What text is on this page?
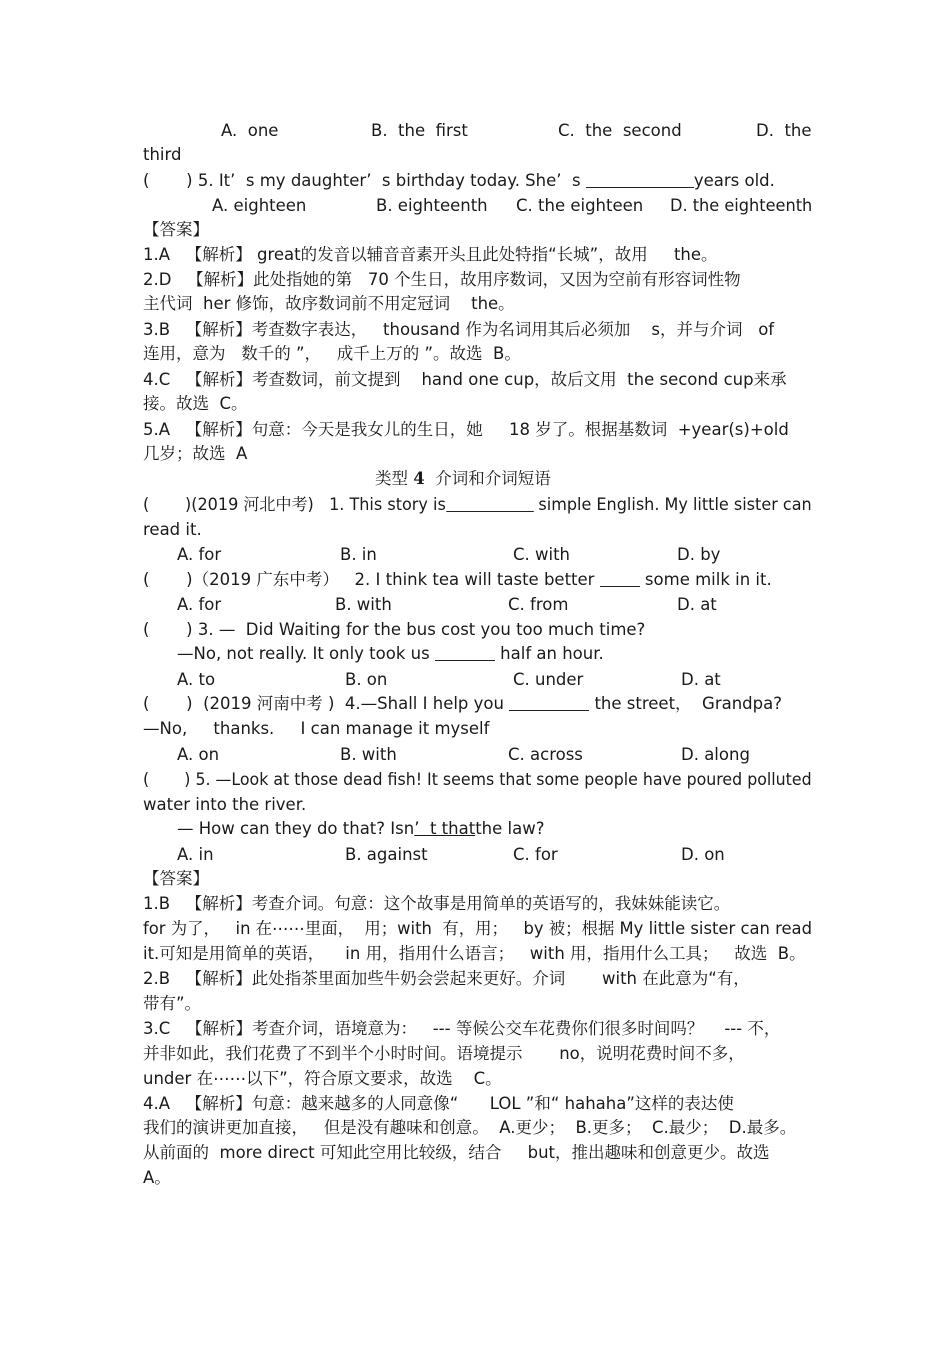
A.  one	B.  the  first	C.  the  second	D.  the
third
(       ) 5. It’  s my daughter’  s birthday today. She’  s	years old.
A. eighteen	B. eighteenth C. the eighteen D. the eighteenth
【答案】
1.A   【解析】 great的发音以辅音音素开头且此处特指“长城”，故用     the。
2.D   【解析】此处指她的第   70 个生日，故用序数词，又因为空前有形容词性物
主代词  her 修饰，故序数词前不用定冠词    the。
3.B   【解析】考查数字表达，   thousand 作为名词用其后必须加    s，并与介词   of
连用，意为   数千的 ”，   成千上万的 ”。故选  B。
4.C   【解析】考查数词，前文提到    hand one cup，故后文用  the second cup来承
接。故选  C。
5.A   【解析】句意：今天是我女儿的生日，她     18 岁了。根据基数词  +year(s)+old
几岁；故选  A
类型 4  介词和介词短语
(       )(2019 河北中考)   1. This story is	simple English. My little sister can
read it.
A. for	B. in	C. with	D. by
(       )（2019 广东中考）   2. I think tea will taste better  some milk in it.
A. for	B. with	C. from	D. at
(       ) 3. —  Did Waiting for the bus cost you too much time?
—No, not really. It only took us	half an hour.
A. to	B. on	C. under	D. at
(       )  (2019 河南中考 )  4.—Shall I help you	the street，  Grandpa?
—No,     thanks.     I can manage it myself
A. on	B. with	C. across	D. along
(       ) 5. —Look at those dead fish! It seems that some people have poured polluted
water into the river.
— How can they do that? Isn’  t thatthe law?
A. in	B. against	C. for	D. on
【答案】
1.B   【解析】考查介词。句意：这个故事是用简单的英语写的，我妹妹能读它。
for 为了，   in 在⋯⋯里面，  用；with  有，用；   by 被；根据 My little sister can read
it.可知是用简单的英语，    in 用，指用什么语言；   with 用，指用什么工具；   故选  B。
2.B   【解析】此处指茶里面加些牛奶会尝起来更好。介词       with 在此意为“有，
带有”。
3.C   【解析】考查介词，语境意为：   --- 等候公交车花费你们很多时间吗？    --- 不，
并非如此，我们花费了不到半个小时时间。语境提示       no，说明花费时间不多，
under 在⋯⋯以下”，符合原文要求，故选    C。
4.A   【解析】句意：越来越多的人同意像“      LOL ”和“ hahaha”这样的表达使
我们的演讲更加直接，   但是没有趣味和创意。  A.更少；  B.更多；  C.最少；  D.最多。
从前面的  more direct 可知此空用比较级，结合     but，推出趣味和创意更少。故选
A。
